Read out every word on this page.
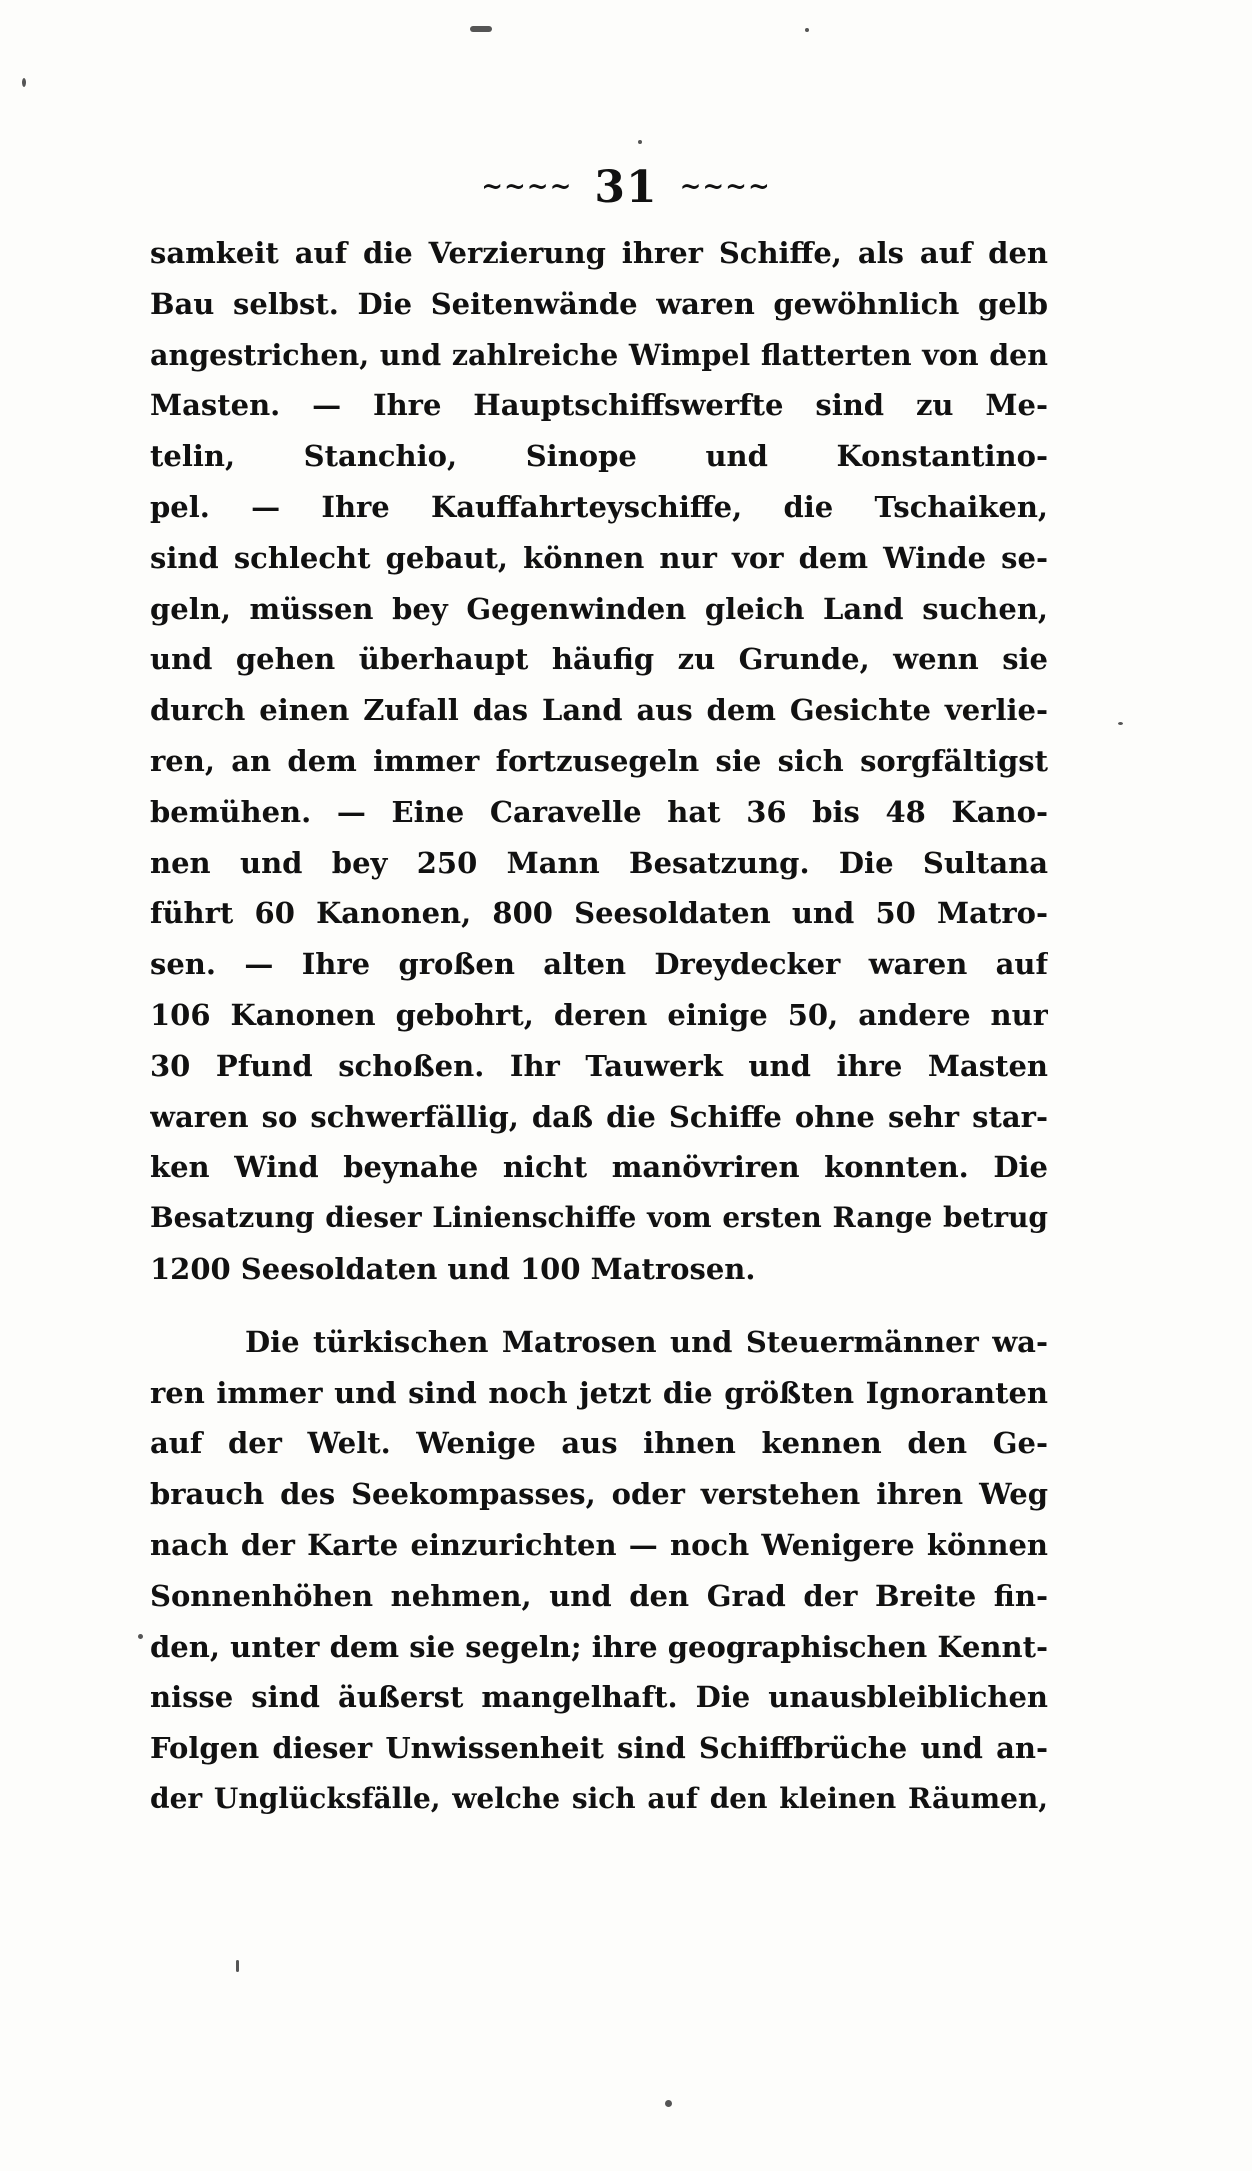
~~~~ 31 ~~~~
samkeit auf die Verzierung ihrer Schiffe, als auf den
Bau selbst. Die Seitenwände waren gewöhnlich gelb
angestrichen, und zahlreiche Wimpel flatterten von den
Masten. — Ihre Hauptschiffswerfte sind zu Me-
telin, Stanchio, Sinope und Konstantino-
pel. — Ihre Kauffahrteyschiffe, die Tschaiken,
sind schlecht gebaut, können nur vor dem Winde se-
geln, müssen bey Gegenwinden gleich Land suchen,
und gehen überhaupt häufig zu Grunde, wenn sie
durch einen Zufall das Land aus dem Gesichte verlie-
ren, an dem immer fortzusegeln sie sich sorgfältigst
bemühen. — Eine Caravelle hat 36 bis 48 Kano-
nen und bey 250 Mann Besatzung. Die Sultana
führt 60 Kanonen, 800 Seesoldaten und 50 Matro-
sen. — Ihre großen alten Dreydecker waren auf
106 Kanonen gebohrt, deren einige 50, andere nur
30 Pfund schoßen. Ihr Tauwerk und ihre Masten
waren so schwerfällig, daß die Schiffe ohne sehr star-
ken Wind beynahe nicht manövriren konnten. Die
Besatzung dieser Linienschiffe vom ersten Range betrug
1200 Seesoldaten und 100 Matrosen.
Die türkischen Matrosen und Steuermänner wa-
ren immer und sind noch jetzt die größten Ignoranten
auf der Welt. Wenige aus ihnen kennen den Ge-
brauch des Seekompasses, oder verstehen ihren Weg
nach der Karte einzurichten — noch Wenigere können
Sonnenhöhen nehmen, und den Grad der Breite fin-
den, unter dem sie segeln; ihre geographischen Kennt-
nisse sind äußerst mangelhaft. Die unausbleiblichen
Folgen dieser Unwissenheit sind Schiffbrüche und an-
der Unglücksfälle, welche sich auf den kleinen Räumen,
